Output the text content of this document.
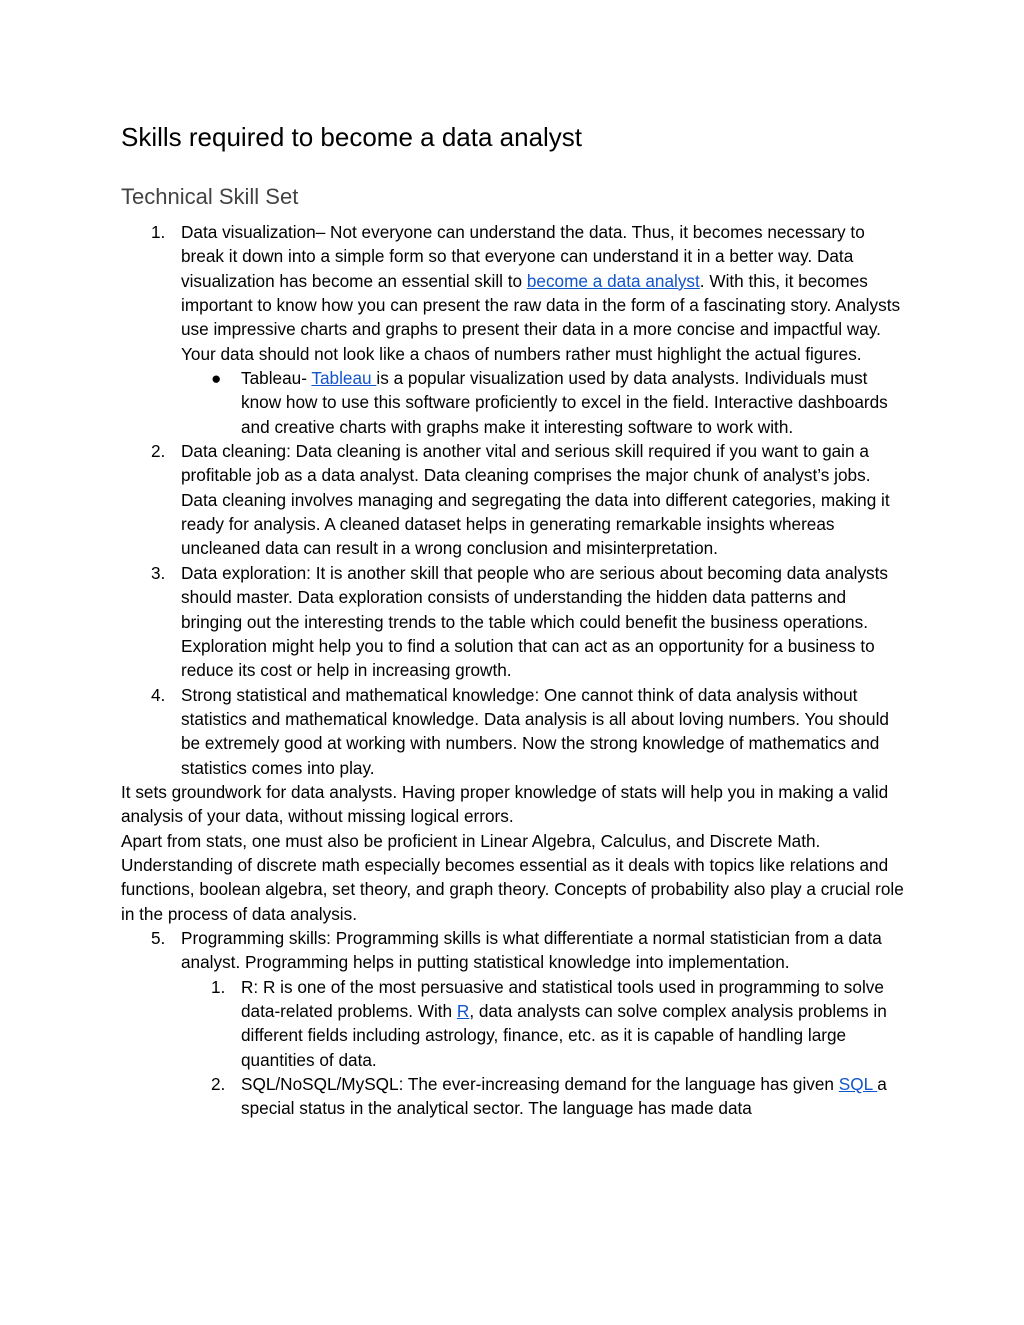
Skills required to become a data analyst
Technical Skill Set
1. Data visualization– Not everyone can understand the data. Thus, it becomes necessary to break it down into a simple form so that everyone can understand it in a better way. Data visualization has become an essential skill to become a data analyst. With this, it becomes important to know how you can present the raw data in the form of a fascinating story. Analysts use impressive charts and graphs to present their data in a more concise and impactful way. Your data should not look like a chaos of numbers rather must highlight the actual figures.
● Tableau- Tableau is a popular visualization used by data analysts. Individuals must know how to use this software proficiently to excel in the field. Interactive dashboards and creative charts with graphs make it interesting software to work with.
2. Data cleaning: Data cleaning is another vital and serious skill required if you want to gain a profitable job as a data analyst. Data cleaning comprises the major chunk of analyst’s jobs. Data cleaning involves managing and segregating the data into different categories, making it ready for analysis. A cleaned dataset helps in generating remarkable insights whereas uncleaned data can result in a wrong conclusion and misinterpretation.
3. Data exploration: It is another skill that people who are serious about becoming data analysts should master. Data exploration consists of understanding the hidden data patterns and bringing out the interesting trends to the table which could benefit the business operations. Exploration might help you to find a solution that can act as an opportunity for a business to reduce its cost or help in increasing growth.
4. Strong statistical and mathematical knowledge: One cannot think of data analysis without statistics and mathematical knowledge. Data analysis is all about loving numbers. You should be extremely good at working with numbers. Now the strong knowledge of mathematics and statistics comes into play.
It sets groundwork for data analysts. Having proper knowledge of stats will help you in making a valid analysis of your data, without missing logical errors.
Apart from stats, one must also be proficient in Linear Algebra, Calculus, and Discrete Math. Understanding of discrete math especially becomes essential as it deals with topics like relations and functions, boolean algebra, set theory, and graph theory. Concepts of probability also play a crucial role in the process of data analysis.
5. Programming skills: Programming skills is what differentiate a normal statistician from a data analyst. Programming helps in putting statistical knowledge into implementation.
1. R: R is one of the most persuasive and statistical tools used in programming to solve data-related problems. With R, data analysts can solve complex analysis problems in different fields including astrology, finance, etc. as it is capable of handling large quantities of data.
2. SQL/NoSQL/MySQL: The ever-increasing demand for the language has given SQL a special status in the analytical sector. The language has made data
